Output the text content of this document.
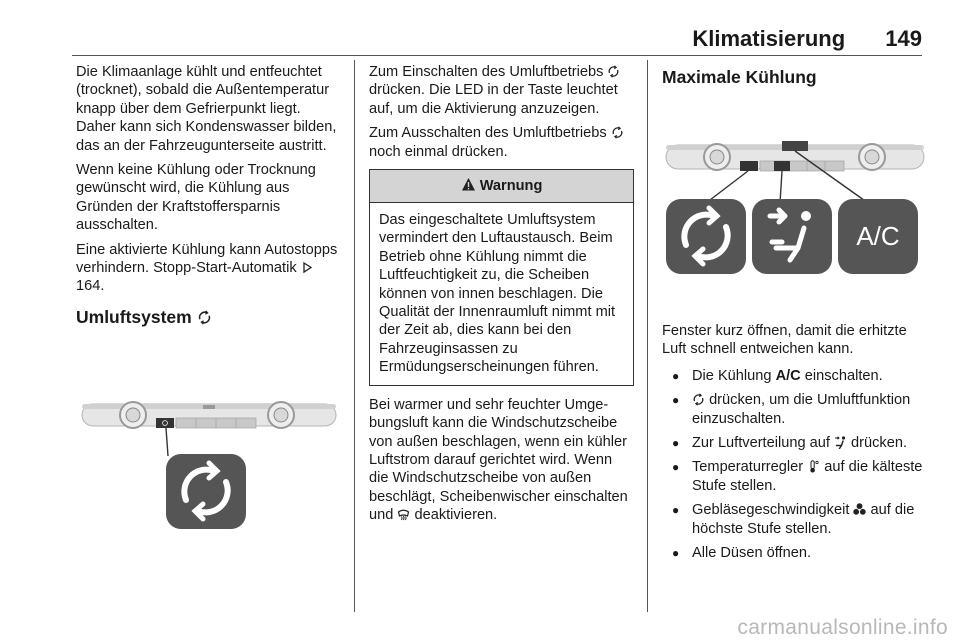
Klimatisierung 149

Die Klimaanlage kühlt und entfeuchtet (trocknet), sobald die Außentemperatur knapp über dem Gefrierpunkt liegt. Daher kann sich Kondenswasser bilden, das an der Fahrzeugunterseite austritt.

Wenn keine Kühlung oder Trocknung gewünscht wird, die Kühlung aus Gründen der Kraftstoffersparnis ausschalten.

Eine aktivierte Kühlung kann Autostopps verhindern. Stopp-Start-Automatik
164.

Umluftsystem

Zum Einschalten des Umluftbetriebs
drücken. Die LED in der Taste leuchtet auf, um die Aktivierung anzuzeigen.

Zum Ausschalten des Umluftbetriebs
noch einmal drücken.

Warnung
Das eingeschaltete Umluftsystem vermindert den Luftaustausch. Beim Betrieb ohne Kühlung nimmt die Luftfeuchtigkeit zu, die Scheiben können von innen beschlagen. Die Qualität der Innenraumluft nimmt mit der Zeit ab, dies kann bei den Fahrzeuginsassen zu Ermüdungserscheinungen führen.

Bei warmer und sehr feuchter Umgebungsluft kann die Windschutzscheibe von außen beschlagen, wenn ein kühler Luftstrom darauf gerichtet wird. Wenn die Windschutzscheibe von außen beschlägt, Scheibenwischer einschalten und deaktivieren.

Maximale Kühlung
A/C

Fenster kurz öffnen, damit die erhitzte Luft schnell entweichen kann.

● Die Kühlung A/C einschalten.
● drücken, um die Umluftfunktion einzuschalten.
● Zur Luftverteilung auf drücken.
● Temperaturregler auf die kälteste Stufe stellen.
● Gebläsegeschwindigkeit auf die höchste Stufe stellen.
● Alle Düsen öffnen.
carmanualsonline.info
